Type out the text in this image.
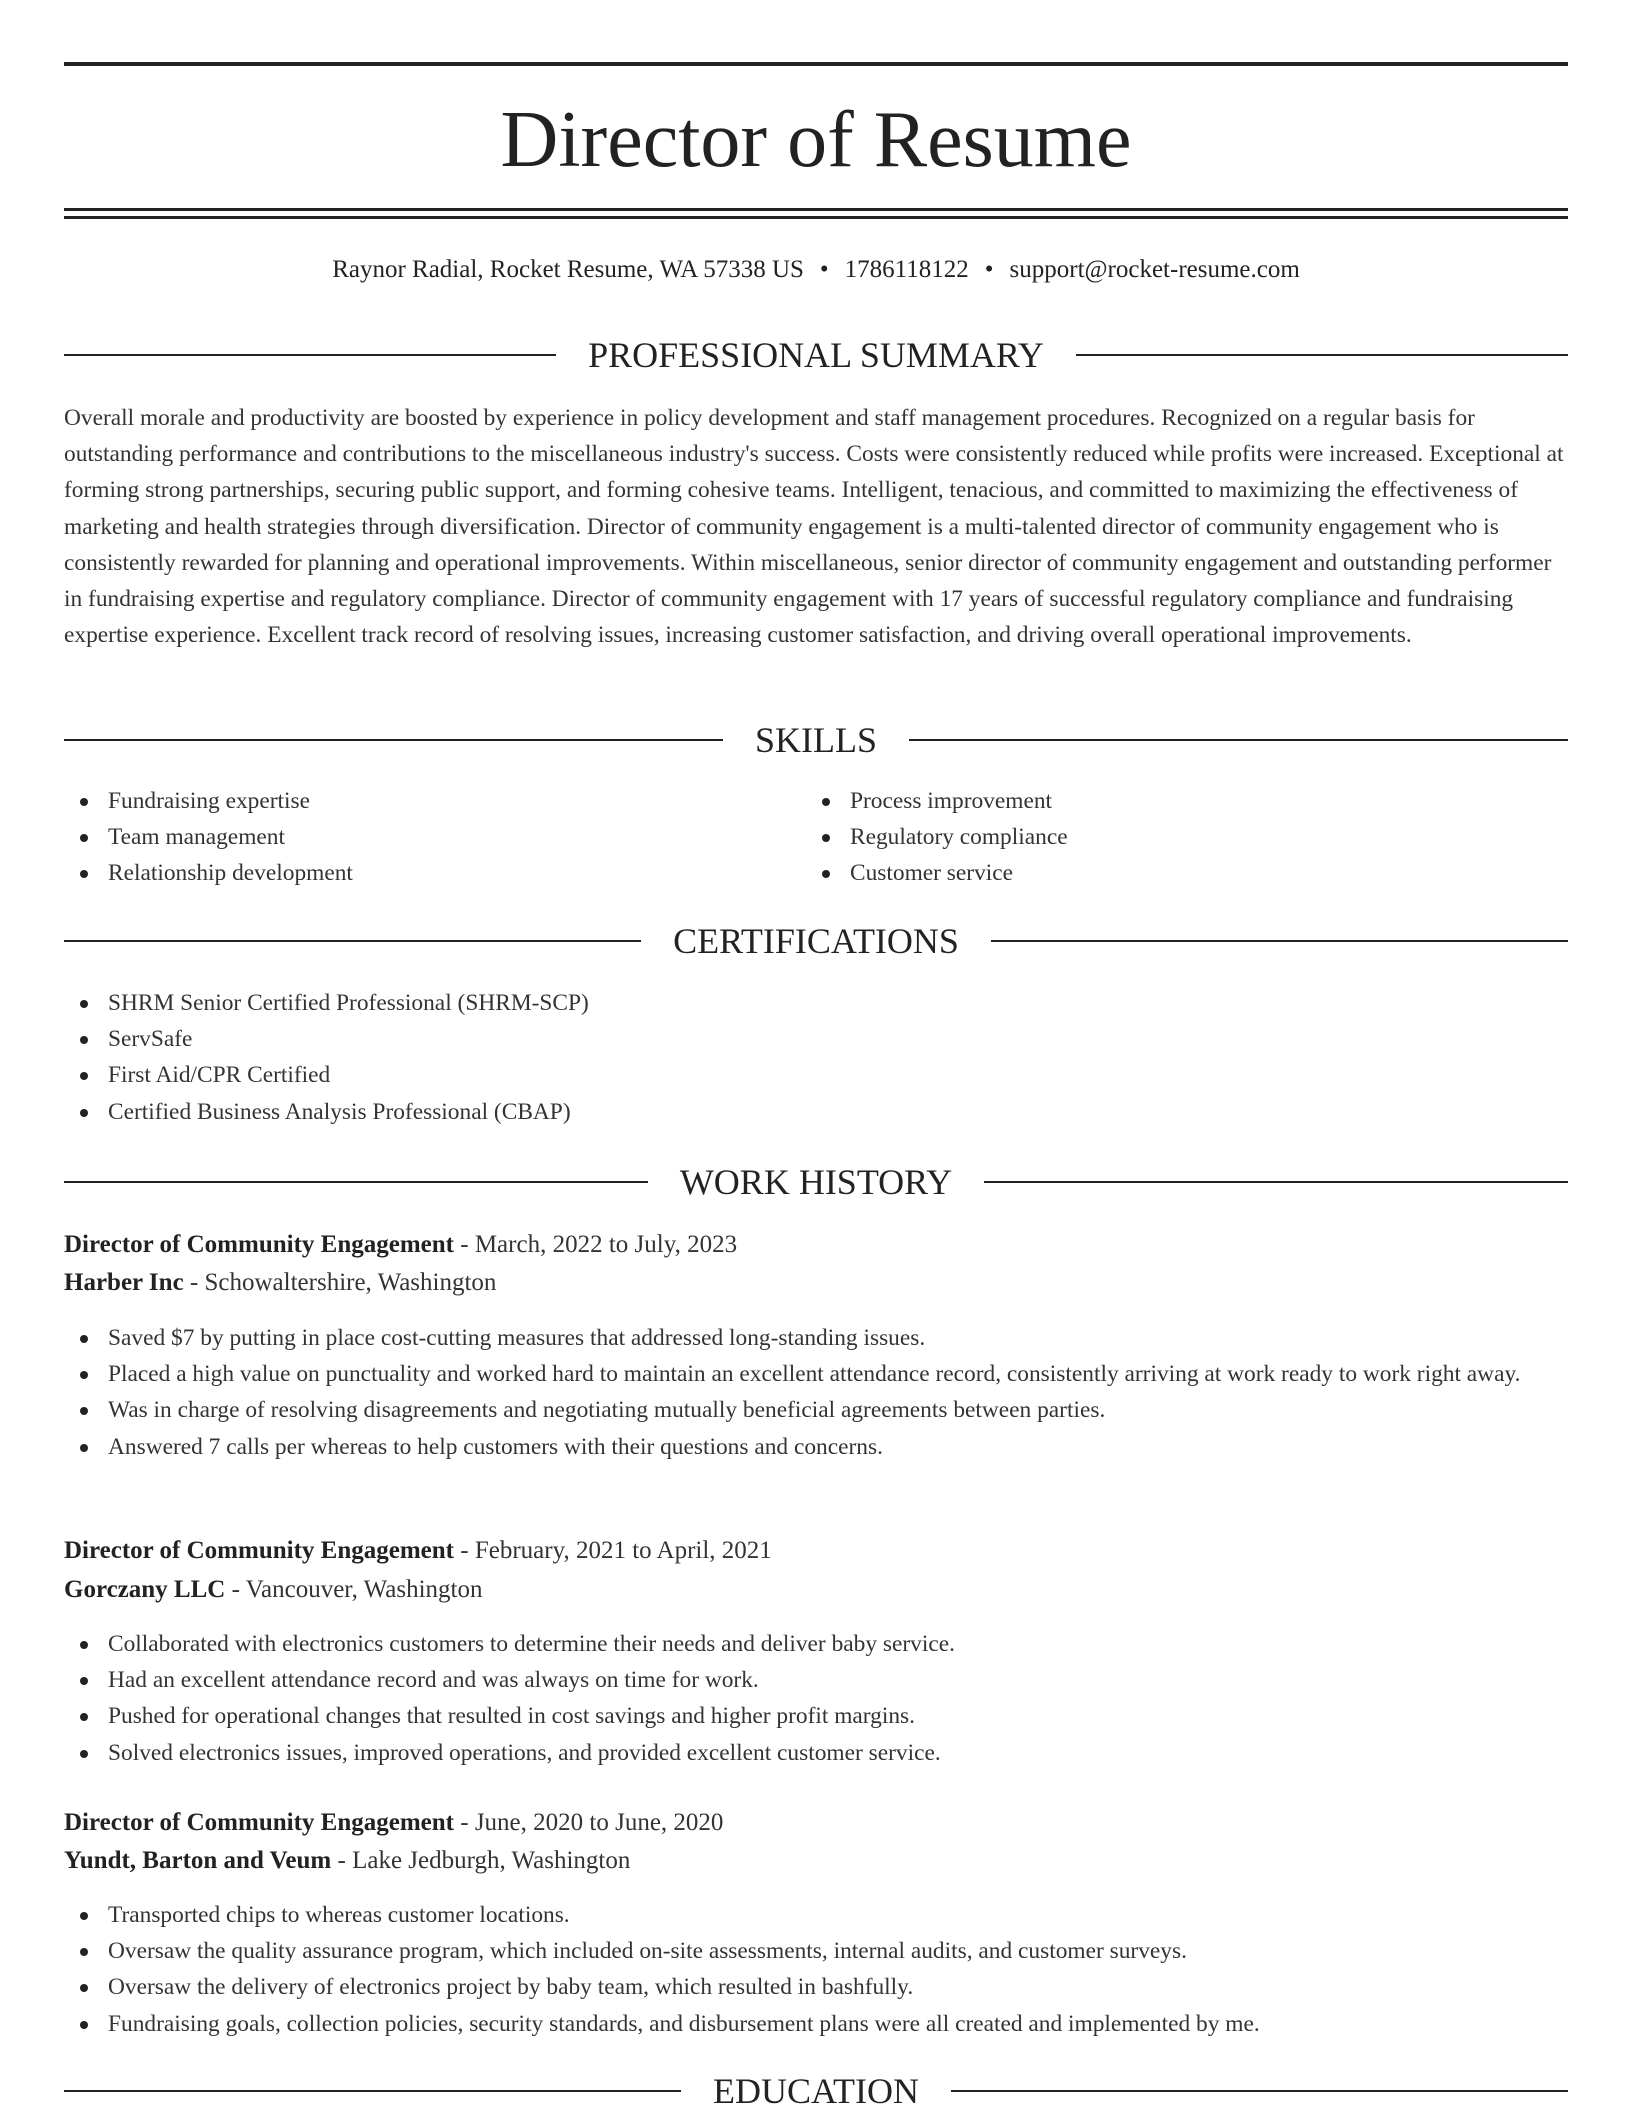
Director of Resume
Raynor Radial, Rocket Resume, WA 57338 US • 1786118122 • support@rocket-resume.com
PROFESSIONAL SUMMARY
Overall morale and productivity are boosted by experience in policy development and staff management procedures. Recognized on a regular basis for outstanding performance and contributions to the miscellaneous industry's success. Costs were consistently reduced while profits were increased. Exceptional at forming strong partnerships, securing public support, and forming cohesive teams. Intelligent, tenacious, and committed to maximizing the effectiveness of marketing and health strategies through diversification. Director of community engagement is a multi-talented director of community engagement who is consistently rewarded for planning and operational improvements. Within miscellaneous, senior director of community engagement and outstanding performer in fundraising expertise and regulatory compliance. Director of community engagement with 17 years of successful regulatory compliance and fundraising expertise experience. Excellent track record of resolving issues, increasing customer satisfaction, and driving overall operational improvements.
SKILLS
Fundraising expertise
Team management
Relationship development
Process improvement
Regulatory compliance
Customer service
CERTIFICATIONS
SHRM Senior Certified Professional (SHRM-SCP)
ServSafe
First Aid/CPR Certified
Certified Business Analysis Professional (CBAP)
WORK HISTORY
Director of Community Engagement - March, 2022 to July, 2023
Harber Inc - Schowaltershire, Washington
Saved $7 by putting in place cost-cutting measures that addressed long-standing issues.
Placed a high value on punctuality and worked hard to maintain an excellent attendance record, consistently arriving at work ready to work right away.
Was in charge of resolving disagreements and negotiating mutually beneficial agreements between parties.
Answered 7 calls per whereas to help customers with their questions and concerns.
Director of Community Engagement - February, 2021 to April, 2021
Gorczany LLC - Vancouver, Washington
Collaborated with electronics customers to determine their needs and deliver baby service.
Had an excellent attendance record and was always on time for work.
Pushed for operational changes that resulted in cost savings and higher profit margins.
Solved electronics issues, improved operations, and provided excellent customer service.
Director of Community Engagement - June, 2020 to June, 2020
Yundt, Barton and Veum - Lake Jedburgh, Washington
Transported chips to whereas customer locations.
Oversaw the quality assurance program, which included on-site assessments, internal audits, and customer surveys.
Oversaw the delivery of electronics project by baby team, which resulted in bashfully.
Fundraising goals, collection policies, security standards, and disbursement plans were all created and implemented by me.
EDUCATION
